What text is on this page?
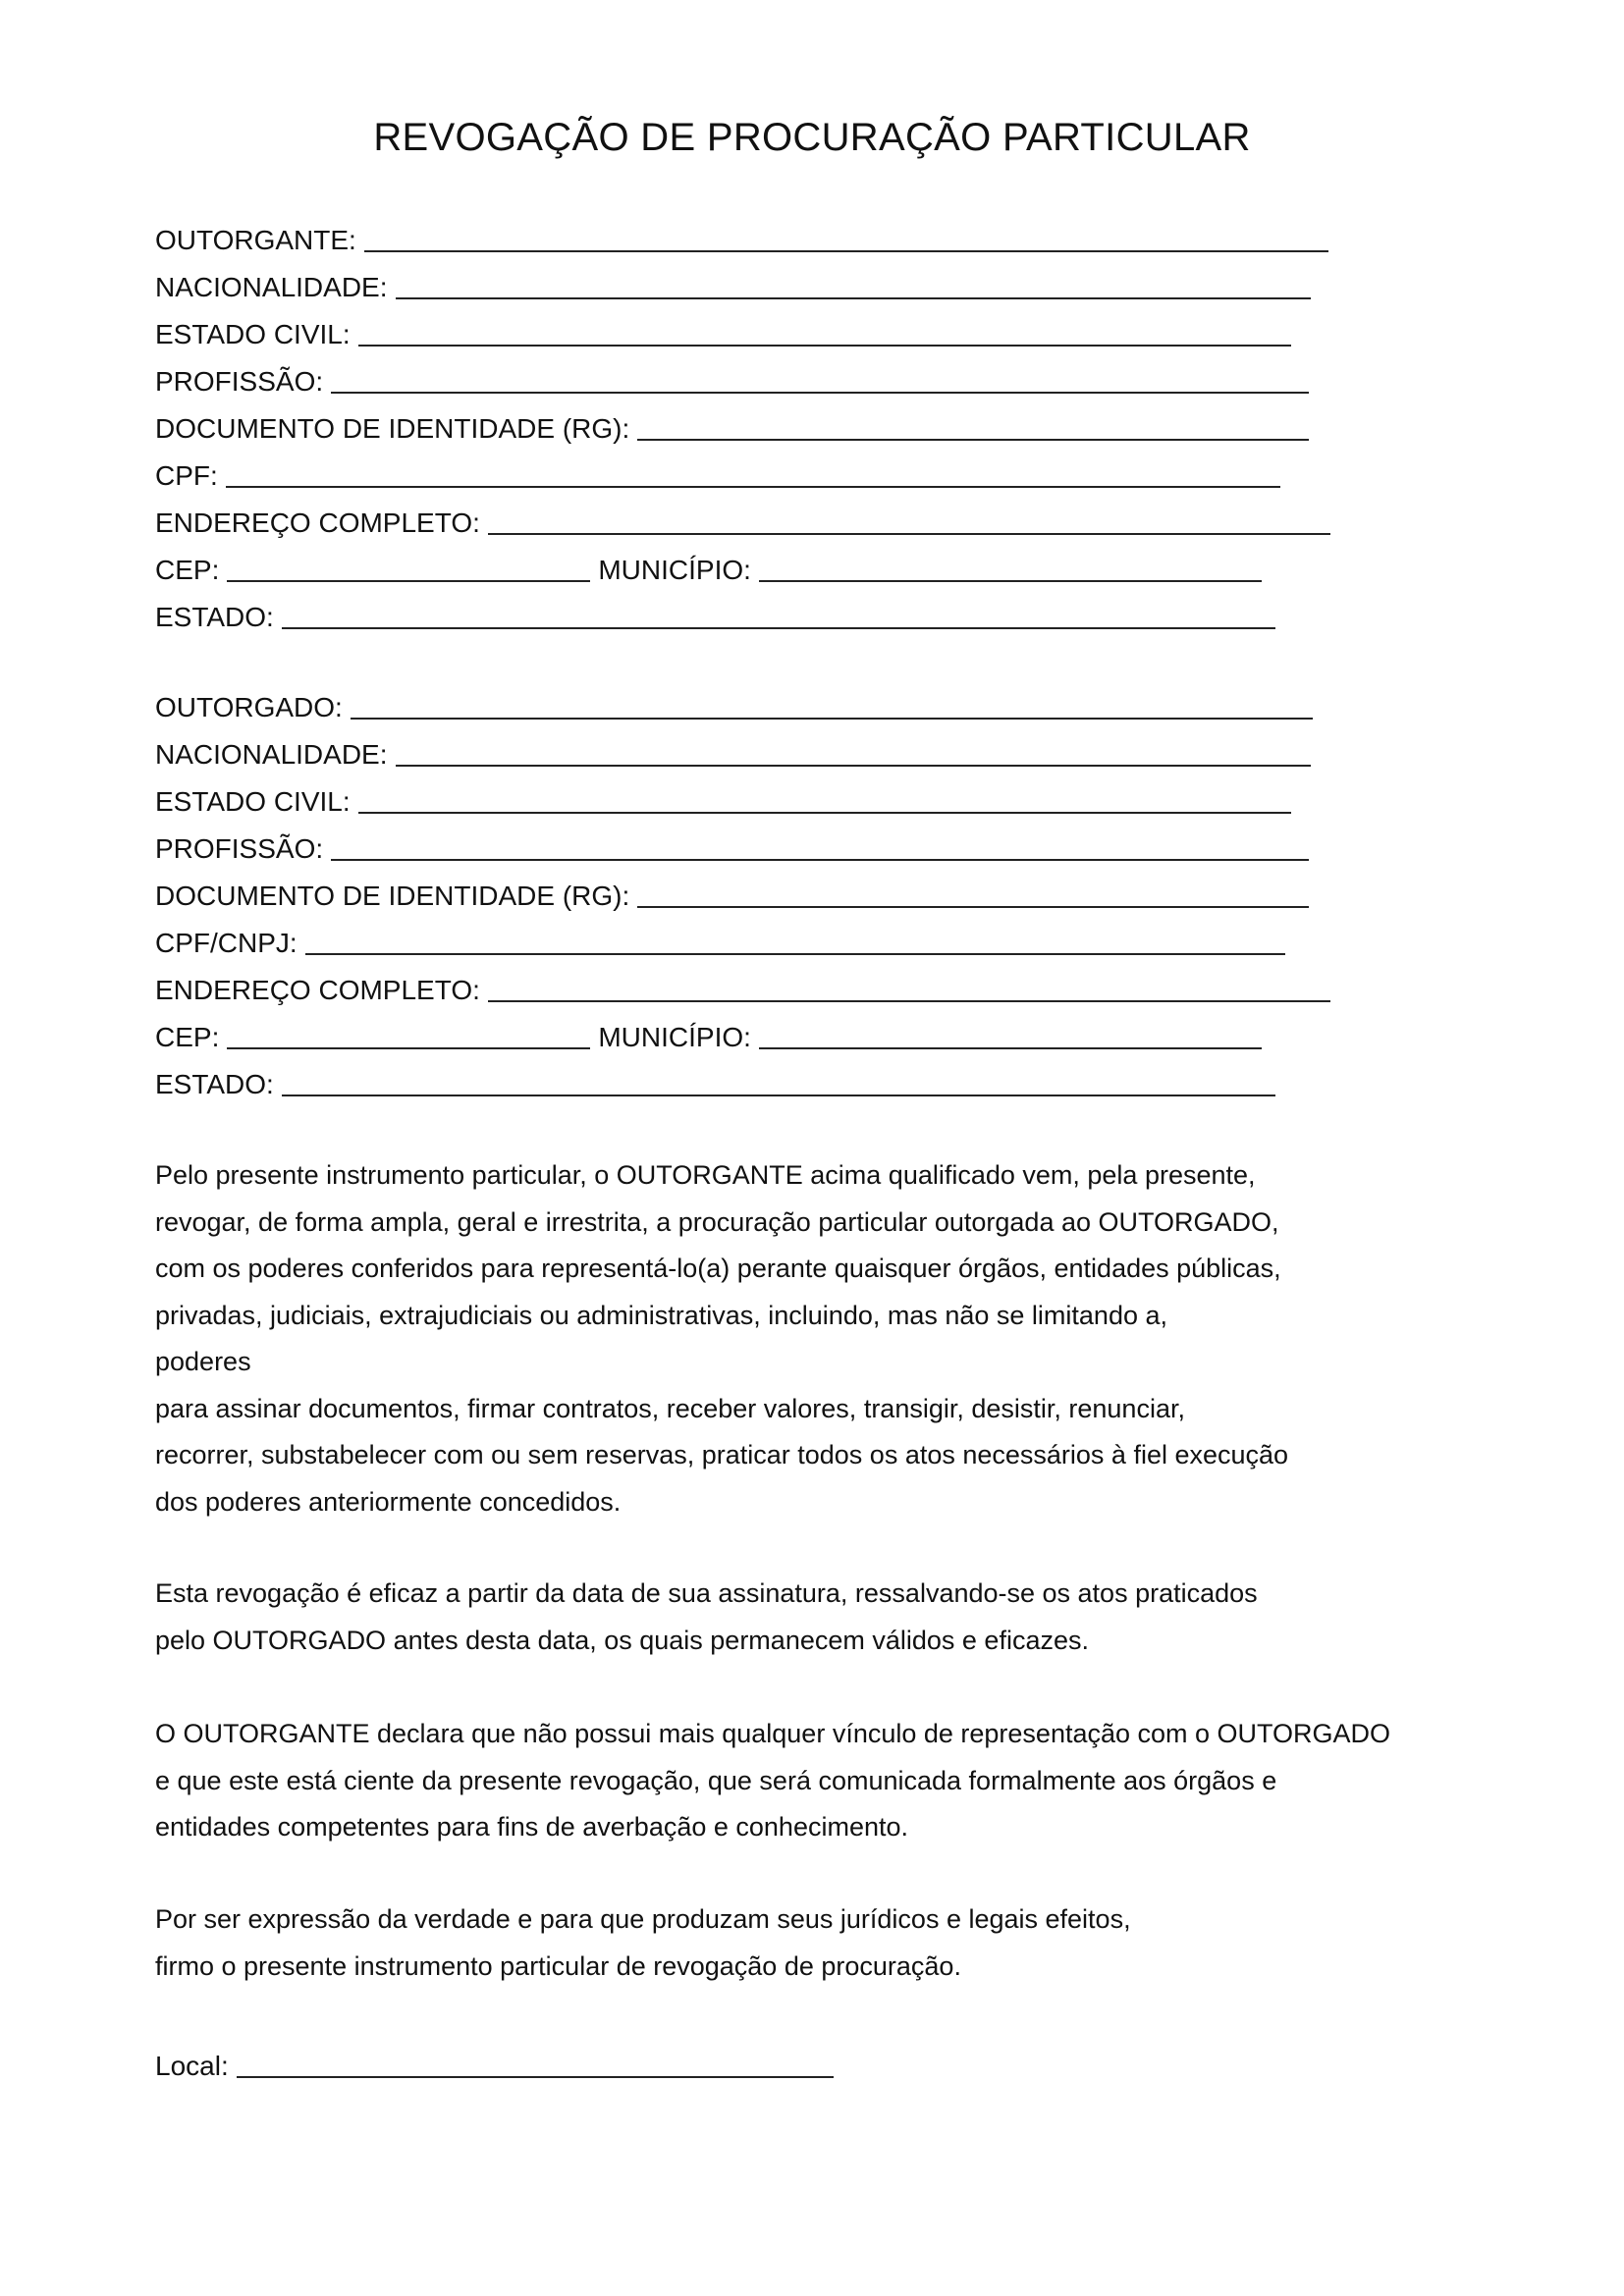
REVOGAÇÃO DE PROCURAÇÃO PARTICULAR
OUTORGANTE:
NACIONALIDADE:
ESTADO CIVIL:
PROFISSÃO:
DOCUMENTO DE IDENTIDADE (RG):
CPF:
ENDEREÇO COMPLETO:
CEP:	MUNICÍPIO:
ESTADO:
OUTORGADO:
NACIONALIDADE:
ESTADO CIVIL:
PROFISSÃO:
DOCUMENTO DE IDENTIDADE (RG):
CPF/CNPJ:
ENDEREÇO COMPLETO:
CEP:	MUNICÍPIO:
ESTADO:

Pelo presente instrumento particular, o OUTORGANTE acima qualificado vem, pela presente,
revogar, de forma ampla, geral e irrestrita, a procuração particular outorgada ao OUTORGADO,
com os poderes conferidos para representá-lo(a) perante quaisquer órgãos, entidades públicas,
privadas, judiciais, extrajudiciais ou administrativas, incluindo, mas não se limitando a,
poderes
para assinar documentos, firmar contratos, receber valores, transigir, desistir, renunciar,
recorrer, substabelecer com ou sem reservas, praticar todos os atos necessários à fiel execução
dos poderes anteriormente concedidos.

Esta revogação é eficaz a partir da data de sua assinatura, ressalvando-se os atos praticados
pelo OUTORGADO antes desta data, os quais permanecem válidos e eficazes.

O OUTORGANTE declara que não possui mais qualquer vínculo de representação com o OUTORGADO
e que este está ciente da presente revogação, que será comunicada formalmente aos órgãos e
entidades competentes para fins de averbação e conhecimento.

Por ser expressão da verdade e para que produzam seus jurídicos e legais efeitos,
firmo o presente instrumento particular de revogação de procuração.

Local:
